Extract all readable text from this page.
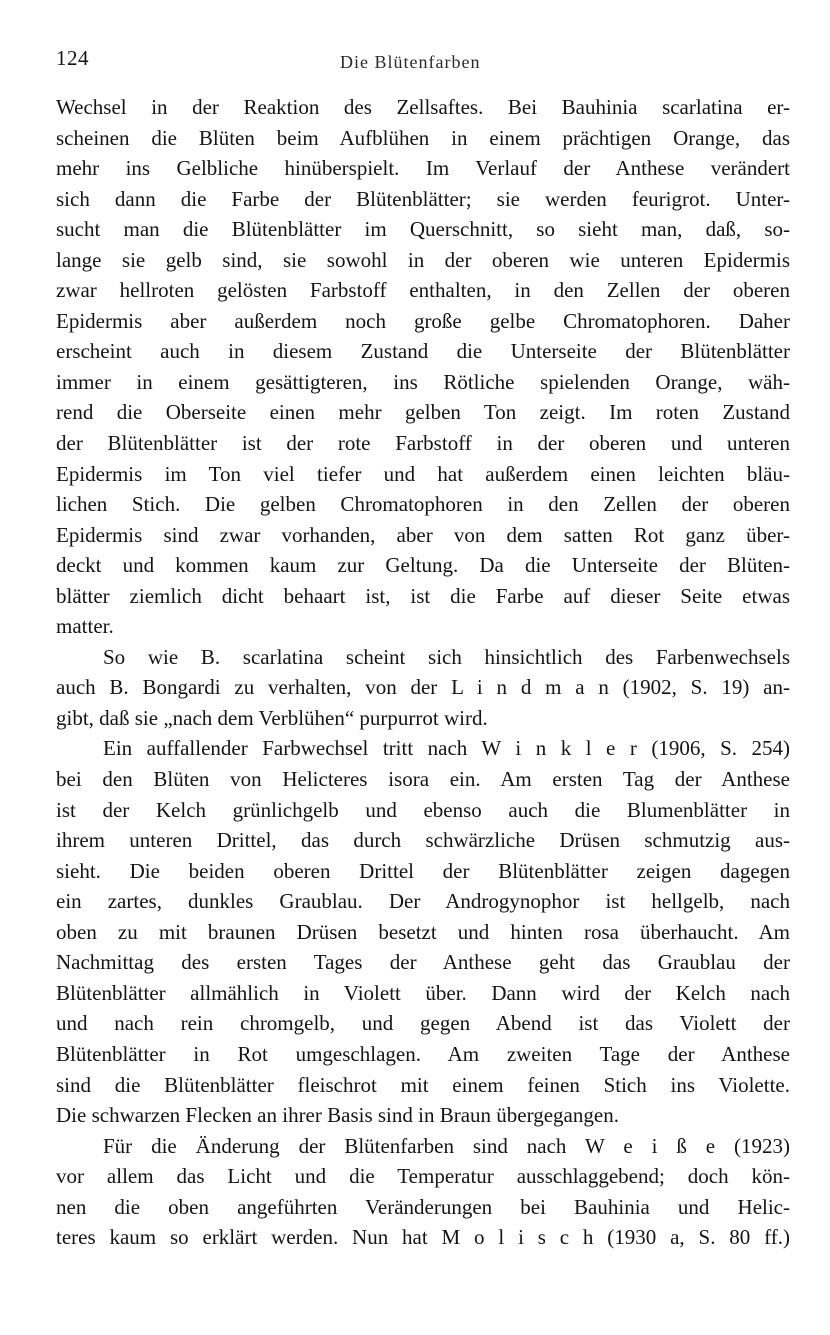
124	Die Blütenfarben
Wechsel in der Reaktion des Zellsaftes. Bei Bauhinia scarlatina er-
scheinen die Blüten beim Aufblühen in einem prächtigen Orange, das
mehr ins Gelbliche hinüberspielt. Im Verlauf der Anthese verändert
sich dann die Farbe der Blütenblätter; sie werden feurigrot. Unter-
sucht man die Blütenblätter im Querschnitt, so sieht man, daß, so-
lange sie gelb sind, sie sowohl in der oberen wie unteren Epidermis
zwar hellroten gelösten Farbstoff enthalten, in den Zellen der oberen
Epidermis aber außerdem noch große gelbe Chromatophoren. Daher
erscheint auch in diesem Zustand die Unterseite der Blütenblätter
immer in einem gesättigteren, ins Rötliche spielenden Orange, wäh-
rend die Oberseite einen mehr gelben Ton zeigt. Im roten Zustand
der Blütenblätter ist der rote Farbstoff in der oberen und unteren
Epidermis im Ton viel tiefer und hat außerdem einen leichten bläu-
lichen Stich. Die gelben Chromatophoren in den Zellen der oberen
Epidermis sind zwar vorhanden, aber von dem satten Rot ganz über-
deckt und kommen kaum zur Geltung. Da die Unterseite der Blüten-
blätter ziemlich dicht behaart ist, ist die Farbe auf dieser Seite etwas
matter.
So wie B. scarlatina scheint sich hinsichtlich des Farbenwechsels
auch B. Bongardi zu verhalten, von der L i n d m a n (1902, S. 19) an-
gibt, daß sie „nach dem Verblühen“ purpurrot wird.
Ein auffallender Farbwechsel tritt nach W i n k l e r (1906, S. 254)
bei den Blüten von Helicteres isora ein. Am ersten Tag der Anthese
ist der Kelch grünlichgelb und ebenso auch die Blumenblätter in
ihrem unteren Drittel, das durch schwärzliche Drüsen schmutzig aus-
sieht. Die beiden oberen Drittel der Blütenblätter zeigen dagegen
ein zartes, dunkles Graublau. Der Androgynophor ist hellgelb, nach
oben zu mit braunen Drüsen besetzt und hinten rosa überhaucht. Am
Nachmittag des ersten Tages der Anthese geht das Graublau der
Blütenblätter allmählich in Violett über. Dann wird der Kelch nach
und nach rein chromgelb, und gegen Abend ist das Violett der
Blütenblätter in Rot umgeschlagen. Am zweiten Tage der Anthese
sind die Blütenblätter fleischrot mit einem feinen Stich ins Violette.
Die schwarzen Flecken an ihrer Basis sind in Braun übergegangen.
Für die Änderung der Blütenfarben sind nach W e i ß e (1923)
vor allem das Licht und die Temperatur ausschlaggebend; doch kön-
nen die oben angeführten Veränderungen bei Bauhinia und Helic-
teres kaum so erklärt werden. Nun hat M o l i s c h (1930 a, S. 80 ff.)
